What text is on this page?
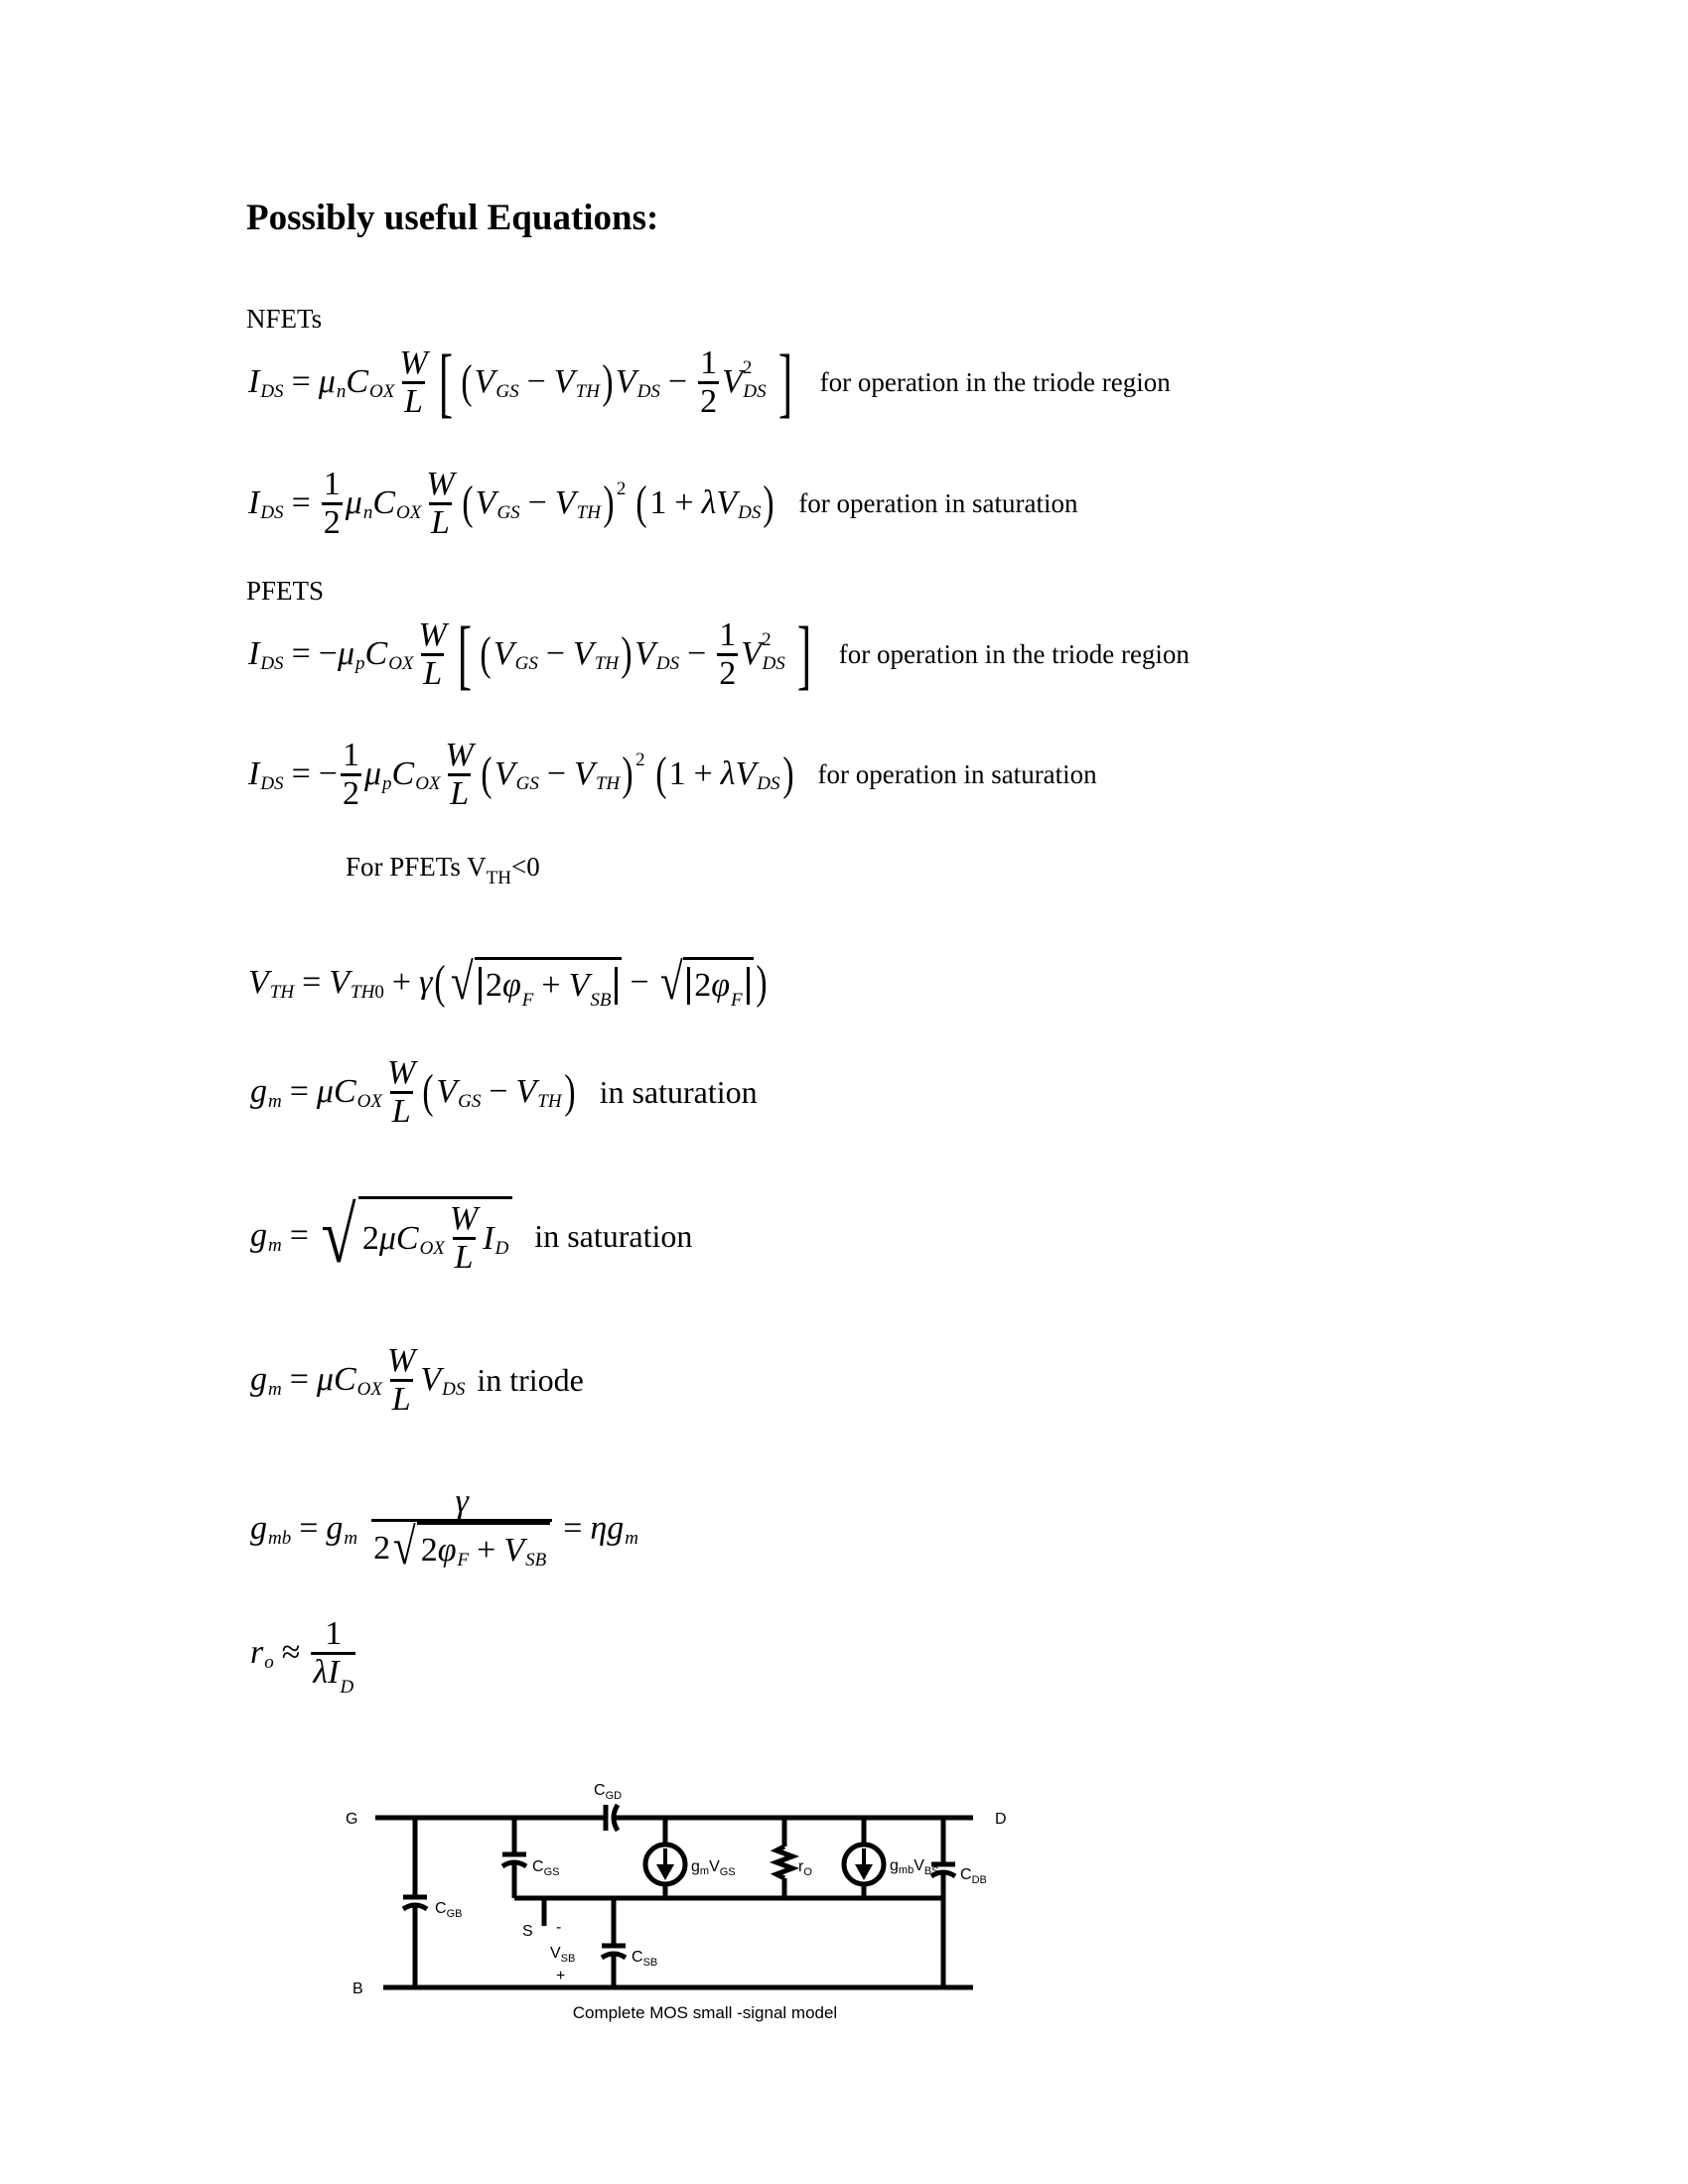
Possibly useful Equations:
NFETs
I DS = μ n C OX $\frac{W}{L}$ [ ( V GS − V TH ) V DS − $\frac{1}{2}$ V 2
DS ] for operation in the triode region
I DS = $\frac{1}{2}$ μ n C OX $\frac{W}{L}$ ( V GS − V TH ) 2 ( 1 + λV DS ) for operation in saturation
PFETS
I DS = − μ p C OX $\frac{W}{L}$ [ ( V GS − V TH ) V DS − $\frac{1}{2}$ V 2
DS ] for operation in the triode region
I DS = − $\frac{1}{2}$ μ p C OX $\frac{W}{L}$ ( V GS − V TH ) 2 ( 1 + λV DS ) for operation in saturation
For PFETs $V_{TH}<0$
V TH = V TH0 + γ ( √ $2\varphi_F + V_{SB}$ − √ $2\varphi_F$ )
g m = μC OX $\frac{W}{L}$ ( V GS − V TH ) in saturation
g m = √ 2 μC OX $\frac{W}{L}$ I D in saturation
g m = μC OX $\frac{W}{L}$ V DS in triode
g mb = g m $\frac{\gamma}{\text{2 √ 2 φ F + V SB}} = \eta g$ m
r $o \approx \frac{1}{\lambda I_D}$
G	D
B
S
$C_{GD}$
$C_{GS}$
$C_{GB}$
$C_{SB}$
$C_{DB}$
$r_O$
gmV$_{GS}$	gmbV$_{BS}$
-
$V_{SB}$
+
Complete MOS small -signal model
